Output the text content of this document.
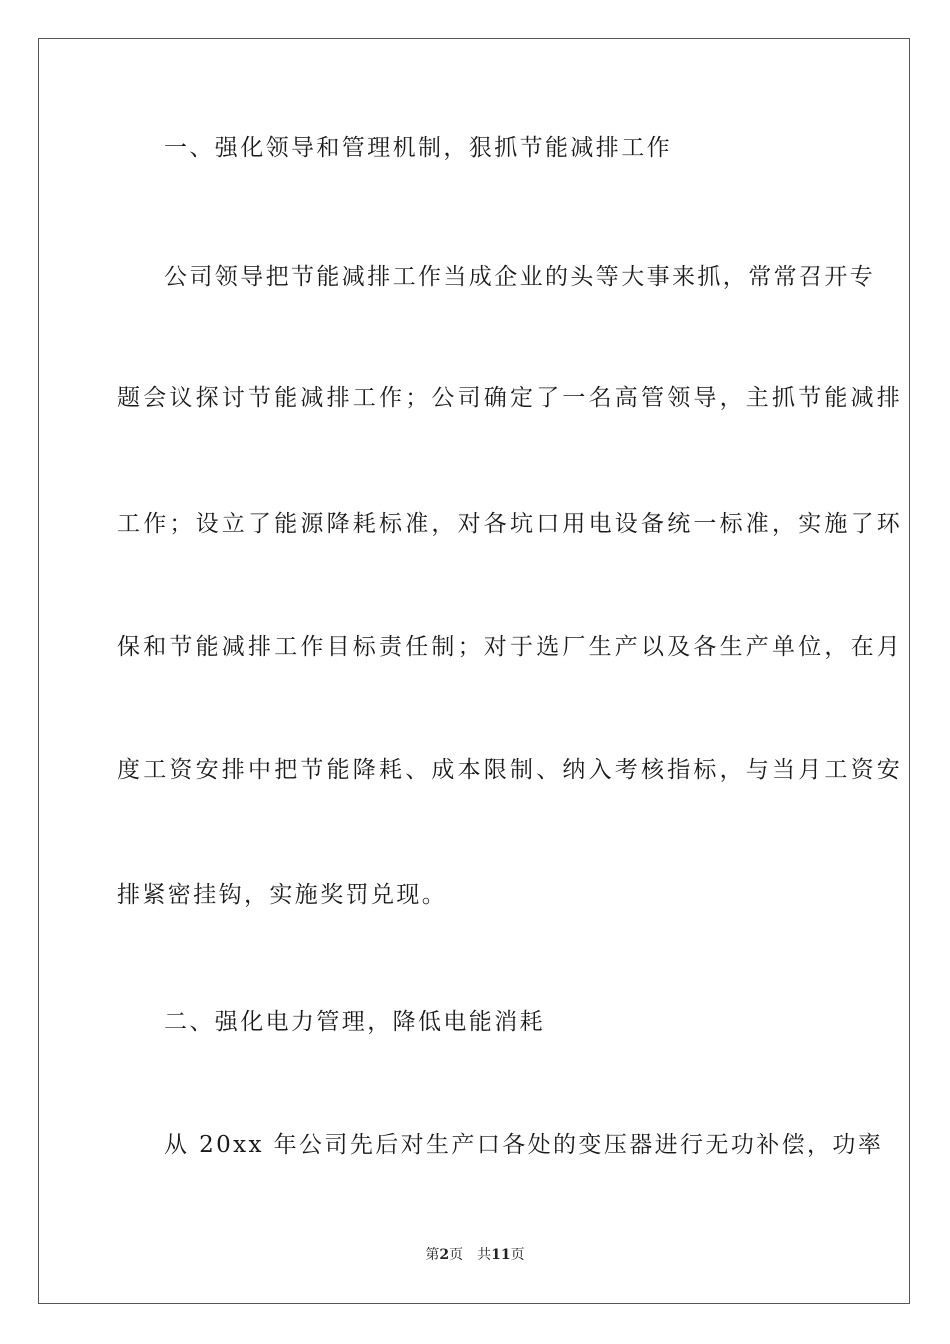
一、强化领导和管理机制，狠抓节能减排工作
公司领导把节能减排工作当成企业的头等大事来抓，常常召开专
题会议探讨节能减排工作；公司确定了一名高管领导，主抓节能减排
工作；设立了能源降耗标准，对各坑口用电设备统一标准，实施了环
保和节能减排工作目标责任制；对于选厂生产以及各生产单位，在月
度工资安排中把节能降耗、成本限制、纳入考核指标，与当月工资安
排紧密挂钩，实施奖罚兑现。
二、强化电力管理，降低电能消耗
从 20xx 年公司先后对生产口各处的变压器进行无功补偿，功率
第2页 共11页
